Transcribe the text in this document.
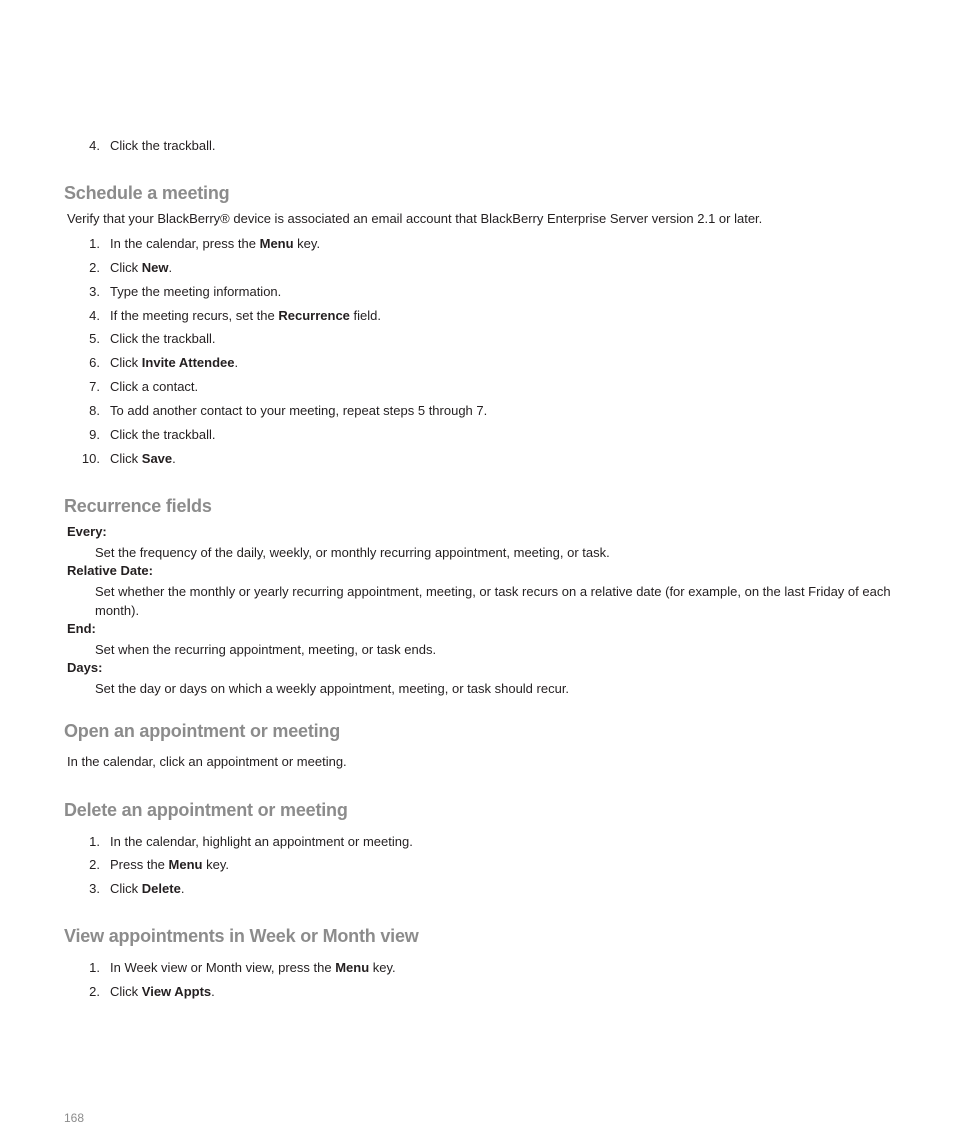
4. Click the trackball.
Schedule a meeting
Verify that your BlackBerry® device is associated an email account that BlackBerry Enterprise Server version 2.1 or later.
1. In the calendar, press the Menu key.
2. Click New.
3. Type the meeting information.
4. If the meeting recurs, set the Recurrence field.
5. Click the trackball.
6. Click Invite Attendee.
7. Click a contact.
8. To add another contact to your meeting, repeat steps 5 through 7.
9. Click the trackball.
10. Click Save.
Recurrence fields
Every:
Set the frequency of the daily, weekly, or monthly recurring appointment, meeting, or task.
Relative Date:
Set whether the monthly or yearly recurring appointment, meeting, or task recurs on a relative date (for example, on the last Friday of each month).
End:
Set when the recurring appointment, meeting, or task ends.
Days:
Set the day or days on which a weekly appointment, meeting, or task should recur.
Open an appointment or meeting
In the calendar, click an appointment or meeting.
Delete an appointment or meeting
1. In the calendar, highlight an appointment or meeting.
2. Press the Menu key.
3. Click Delete.
View appointments in Week or Month view
1. In Week view or Month view, press the Menu key.
2. Click View Appts.
168
